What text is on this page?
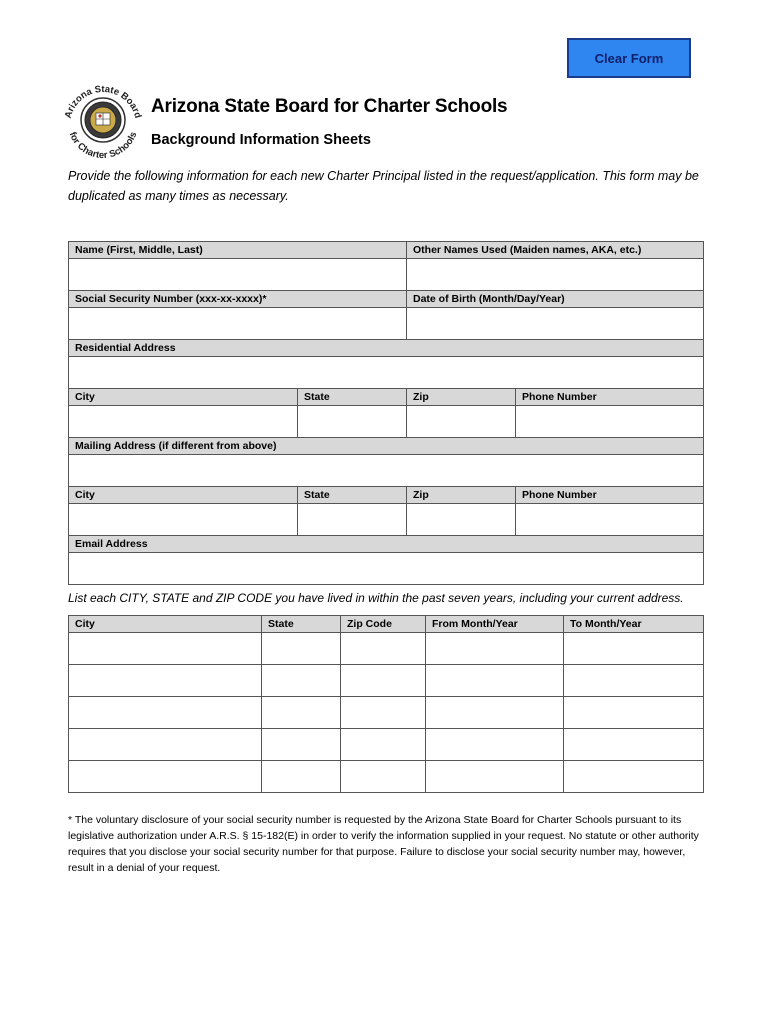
Clear Form
Arizona State Board
for Charter Schools
Arizona State Board for Charter Schools
Background Information Sheets
Provide the following information for each new Charter Principal listed in the request/application. This form may be duplicated as many times as necessary.
Name (First, Middle, Last)		Other Names Used (Maiden names, AKA, etc.)	

Social Security Number (xxx-xx-xxxx)*		Date of Birth (Month/Day/Year)	

Residential Address			

City	State	Zip	Phone Number

Mailing Address (if different from above)			

City	State	Zip	Phone Number

Email Address			

List each CITY, STATE and ZIP CODE you have lived in within the past seven years, including your current address.
City	State	Zip Code	From Month/Year	To Month/Year

* The voluntary disclosure of your social security number is requested by the Arizona State Board for Charter Schools pursuant to its legislative authorization under A.R.S. § 15-182(E) in order to verify the information supplied in your request. No statute or other authority requires that you disclose your social security number for that purpose. Failure to disclose your social security number may, however, result in a denial of your request.
